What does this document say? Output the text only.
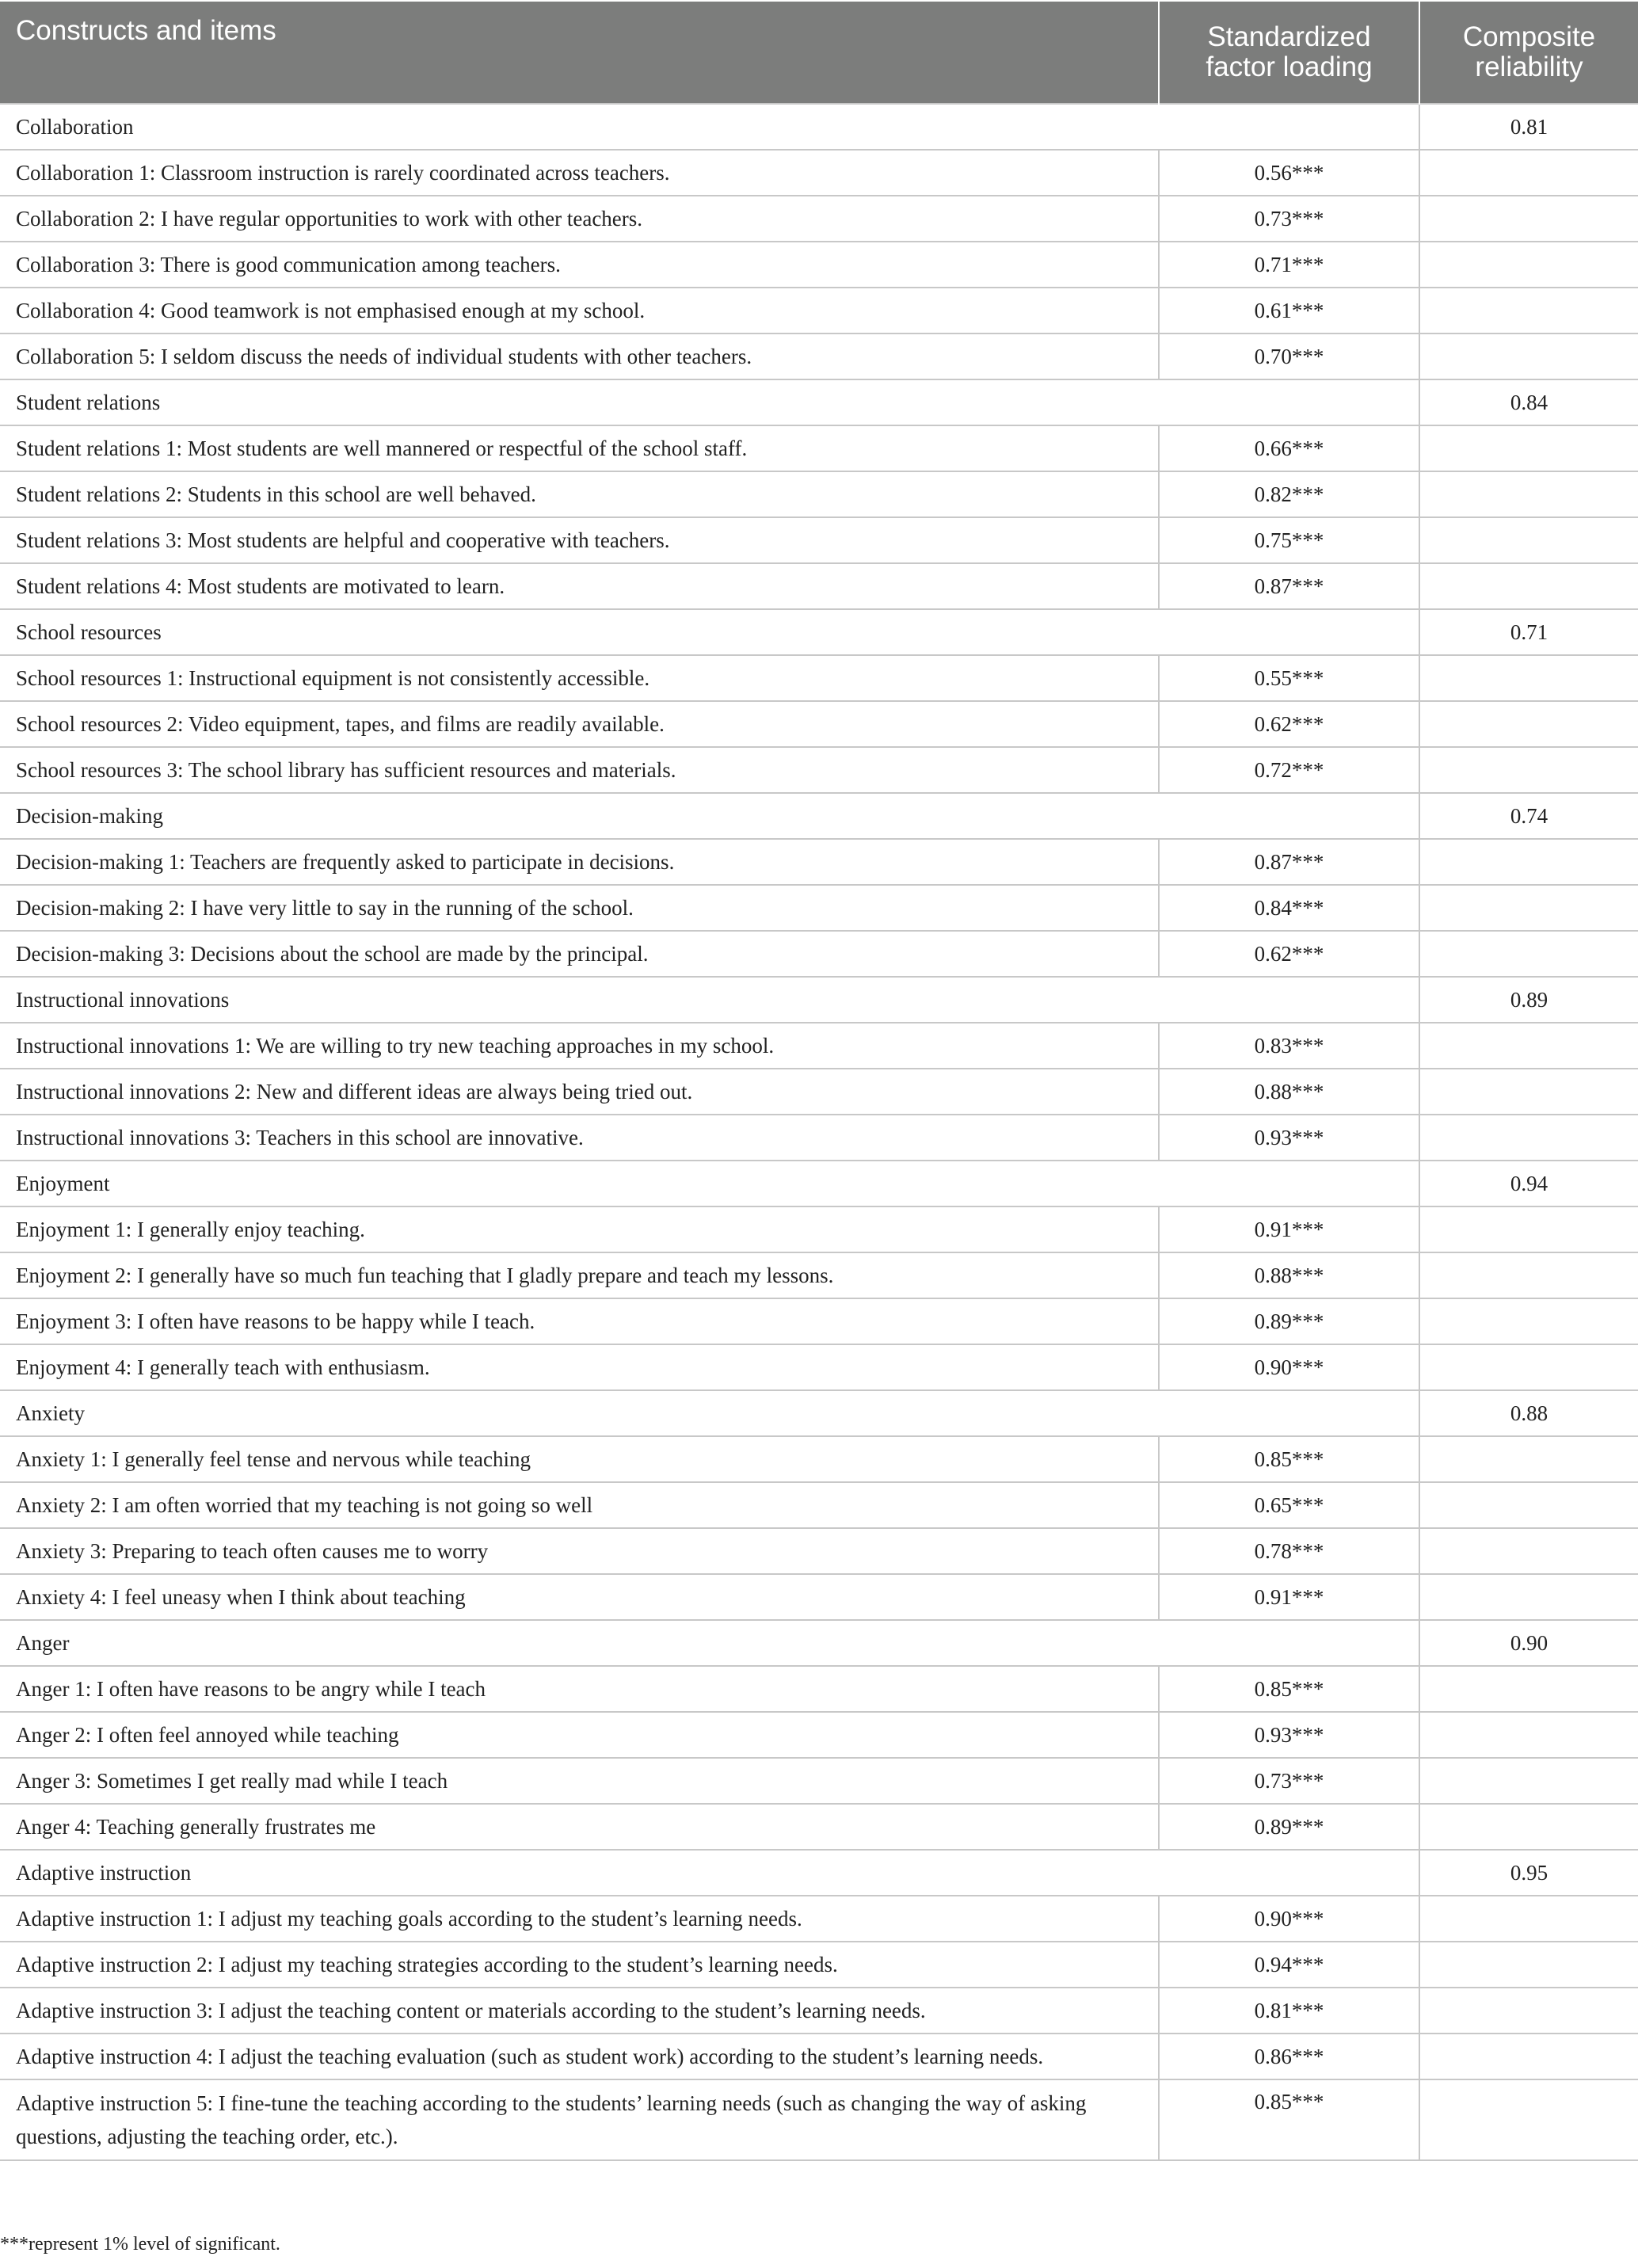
Constructs and items	Standardized factor loading	Composite reliability
Collaboration		0.81
Collaboration 1: Classroom instruction is rarely coordinated across teachers.	0.56***	
Collaboration 2: I have regular opportunities to work with other teachers.	0.73***	
Collaboration 3: There is good communication among teachers.	0.71***	
Collaboration 4: Good teamwork is not emphasised enough at my school.	0.61***	
Collaboration 5: I seldom discuss the needs of individual students with other teachers.	0.70***	
Student relations		0.84
Student relations 1: Most students are well mannered or respectful of the school staff.	0.66***	
Student relations 2: Students in this school are well behaved.	0.82***	
Student relations 3: Most students are helpful and cooperative with teachers.	0.75***	
Student relations 4: Most students are motivated to learn.	0.87***	
School resources		0.71
School resources 1: Instructional equipment is not consistently accessible.	0.55***	
School resources 2: Video equipment, tapes, and films are readily available.	0.62***	
School resources 3: The school library has sufficient resources and materials.	0.72***	
Decision-making		0.74
Decision-making 1: Teachers are frequently asked to participate in decisions.	0.87***	
Decision-making 2: I have very little to say in the running of the school.	0.84***	
Decision-making 3: Decisions about the school are made by the principal.	0.62***	
Instructional innovations		0.89
Instructional innovations 1: We are willing to try new teaching approaches in my school.	0.83***	
Instructional innovations 2: New and different ideas are always being tried out.	0.88***	
Instructional innovations 3: Teachers in this school are innovative.	0.93***	
Enjoyment		0.94
Enjoyment 1: I generally enjoy teaching.	0.91***	
Enjoyment 2: I generally have so much fun teaching that I gladly prepare and teach my lessons.	0.88***	
Enjoyment 3: I often have reasons to be happy while I teach.	0.89***	
Enjoyment 4: I generally teach with enthusiasm.	0.90***	
Anxiety		0.88
Anxiety 1: I generally feel tense and nervous while teaching	0.85***	
Anxiety 2: I am often worried that my teaching is not going so well	0.65***	
Anxiety 3: Preparing to teach often causes me to worry	0.78***	
Anxiety 4: I feel uneasy when I think about teaching	0.91***	
Anger		0.90
Anger 1: I often have reasons to be angry while I teach	0.85***	
Anger 2: I often feel annoyed while teaching	0.93***	
Anger 3: Sometimes I get really mad while I teach	0.73***	
Anger 4: Teaching generally frustrates me	0.89***	
Adaptive instruction		0.95
Adaptive instruction 1: I adjust my teaching goals according to the student’s learning needs.	0.90***	
Adaptive instruction 2: I adjust my teaching strategies according to the student’s learning needs.	0.94***	
Adaptive instruction 3: I adjust the teaching content or materials according to the student’s learning needs.	0.81***	
Adaptive instruction 4: I adjust the teaching evaluation (such as student work) according to the student’s learning needs.	0.86***	
Adaptive instruction 5: I fine-tune the teaching according to the students’ learning needs (such as changing the way of asking questions, adjusting the teaching order, etc.).	0.85***	
***represent 1% level of significant.
